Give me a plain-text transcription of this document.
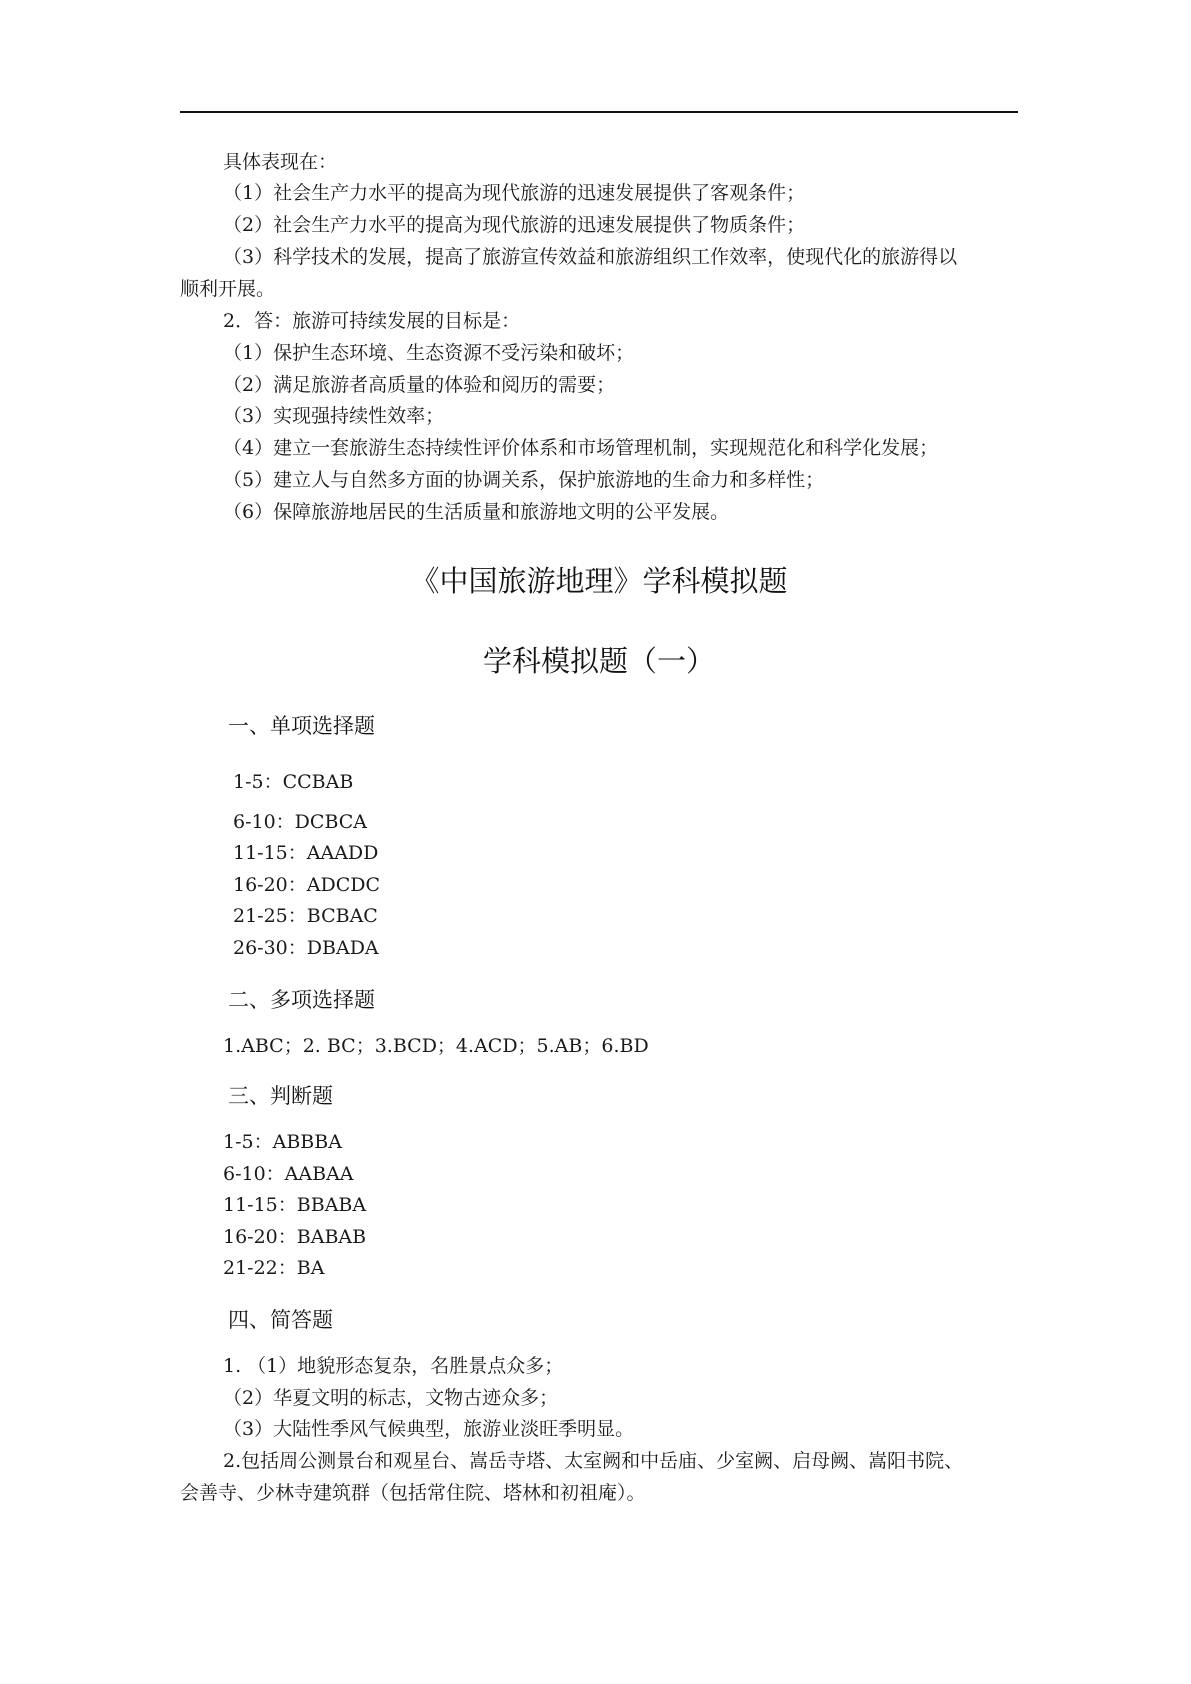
具体表现在：
（1）社会生产力水平的提高为现代旅游的迅速发展提供了客观条件；
（2）社会生产力水平的提高为现代旅游的迅速发展提供了物质条件；
（3）科学技术的发展，提高了旅游宣传效益和旅游组织工作效率，使现代化的旅游得以
顺利开展。
2．答：旅游可持续发展的目标是：
（1）保护生态环境、生态资源不受污染和破坏；
（2）满足旅游者高质量的体验和阅历的需要；
（3）实现强持续性效率；
（4）建立一套旅游生态持续性评价体系和市场管理机制，实现规范化和科学化发展；
（5）建立人与自然多方面的协调关系，保护旅游地的生命力和多样性；
（6）保障旅游地居民的生活质量和旅游地文明的公平发展。
《中国旅游地理》学科模拟题
学科模拟题（一）
一、单项选择题
1-5：CCBAB
6-10：DCBCA
11-15：AAADD
16-20：ADCDC
21-25：BCBAC
26-30：DBADA
二、多项选择题
1.ABC；2. BC；3.BCD；4.ACD；5.AB；6.BD
三、判断题
1-5：ABBBA
6-10：AABAA
11-15：BBABA
16-20：BABAB
21-22：BA
四、简答题
1. （1）地貌形态复杂，名胜景点众多；
（2）华夏文明的标志，文物古迹众多；
（3）大陆性季风气候典型，旅游业淡旺季明显。
2.包括周公测景台和观星台、嵩岳寺塔、太室阙和中岳庙、少室阙、启母阙、嵩阳书院、
会善寺、少林寺建筑群（包括常住院、塔林和初祖庵）。
